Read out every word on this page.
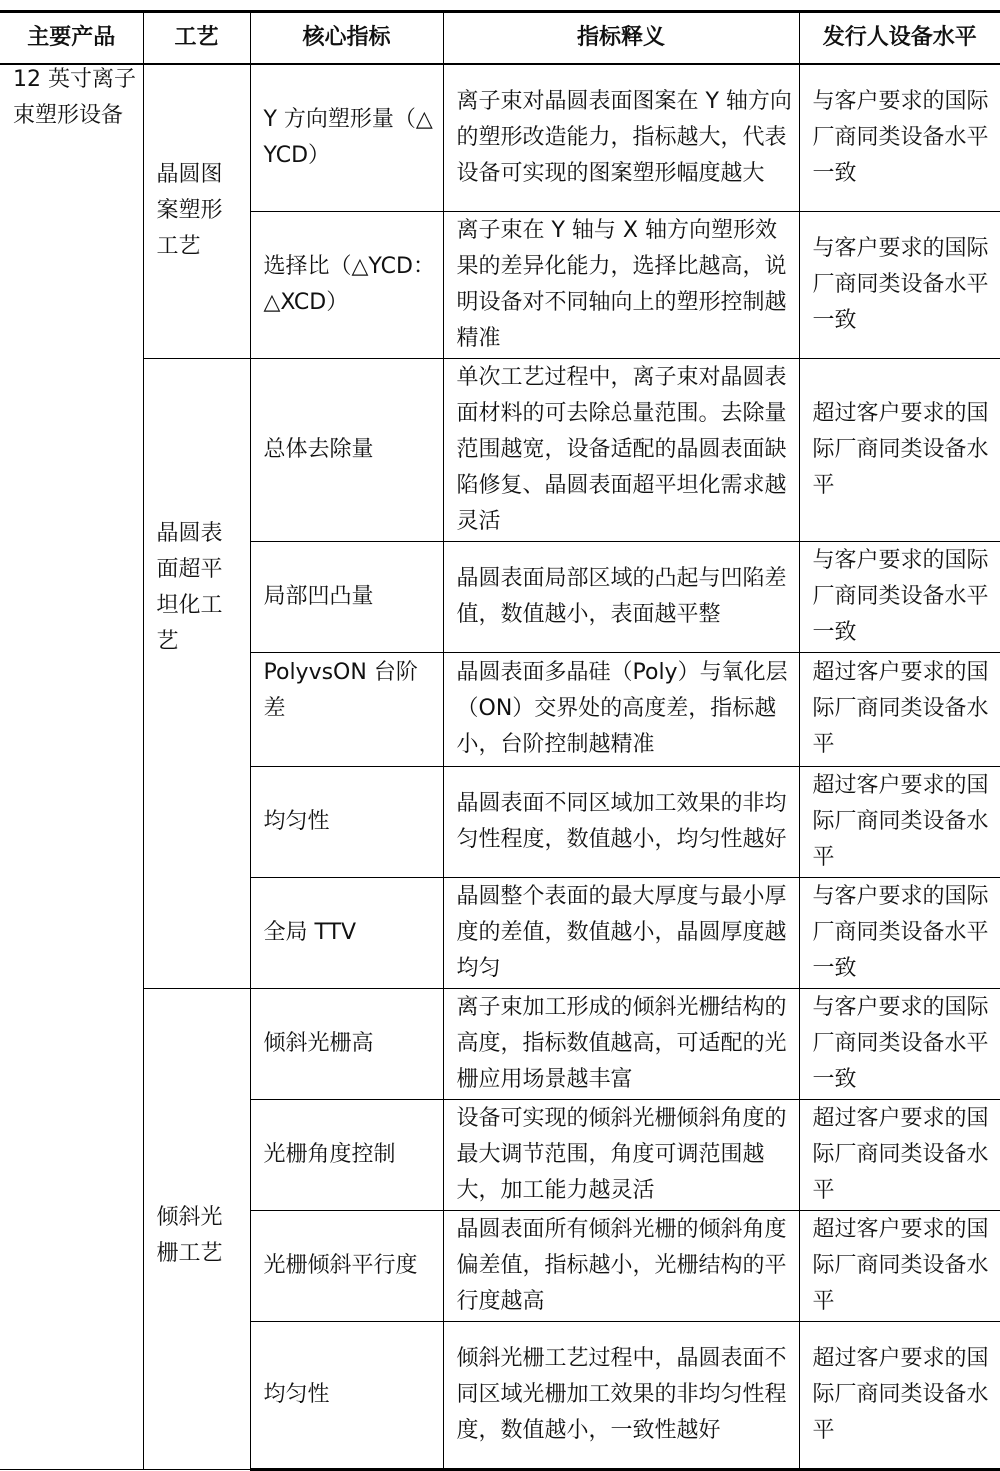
主要产品	工艺	核心指标	指标释义	发行人设备水平

12 英寸离子束塑形设备	晶圆图案塑形工艺	Y 方向塑形量（△YCD）	离子束对晶圆表面图案在 Y 轴方向的塑形改造能力，指标越大，代表设备可实现的图案塑形幅度越大	与客户要求的国际厂商同类设备水平一致
		选择比（△YCD：△XCD）	离子束在 Y 轴与 X 轴方向塑形效果的差异化能力，选择比越高，说明设备对不同轴向上的塑形控制越精准	与客户要求的国际厂商同类设备水平一致

	晶圆表面超平坦化工艺	总体去除量	单次工艺过程中，离子束对晶圆表面材料的可去除总量范围。去除量范围越宽，设备适配的晶圆表面缺陷修复、晶圆表面超平坦化需求越灵活	超过客户要求的国际厂商同类设备水平
		局部凹凸量	晶圆表面局部区域的凸起与凹陷差值，数值越小，表面越平整	与客户要求的国际厂商同类设备水平一致
		PolyvsON 台阶差	晶圆表面多晶硅（Poly）与氧化层（ON）交界处的高度差，指标越小，台阶控制越精准	超过客户要求的国际厂商同类设备水平
		均匀性	晶圆表面不同区域加工效果的非均匀性程度，数值越小，均匀性越好	超过客户要求的国际厂商同类设备水平
		全局 TTV	晶圆整个表面的最大厚度与最小厚度的差值，数值越小，晶圆厚度越均匀	与客户要求的国际厂商同类设备水平一致

	倾斜光栅工艺	倾斜光栅高	离子束加工形成的倾斜光栅结构的高度，指标数值越高，可适配的光栅应用场景越丰富	与客户要求的国际厂商同类设备水平一致
		光栅角度控制	设备可实现的倾斜光栅倾斜角度的最大调节范围，角度可调范围越大，加工能力越灵活	超过客户要求的国际厂商同类设备水平
		光栅倾斜平行度	晶圆表面所有倾斜光栅的倾斜角度偏差值，指标越小，光栅结构的平行度越高	超过客户要求的国际厂商同类设备水平
		均匀性	倾斜光栅工艺过程中，晶圆表面不同区域光栅加工效果的非均匀性程度，数值越小，一致性越好	超过客户要求的国际厂商同类设备水平
